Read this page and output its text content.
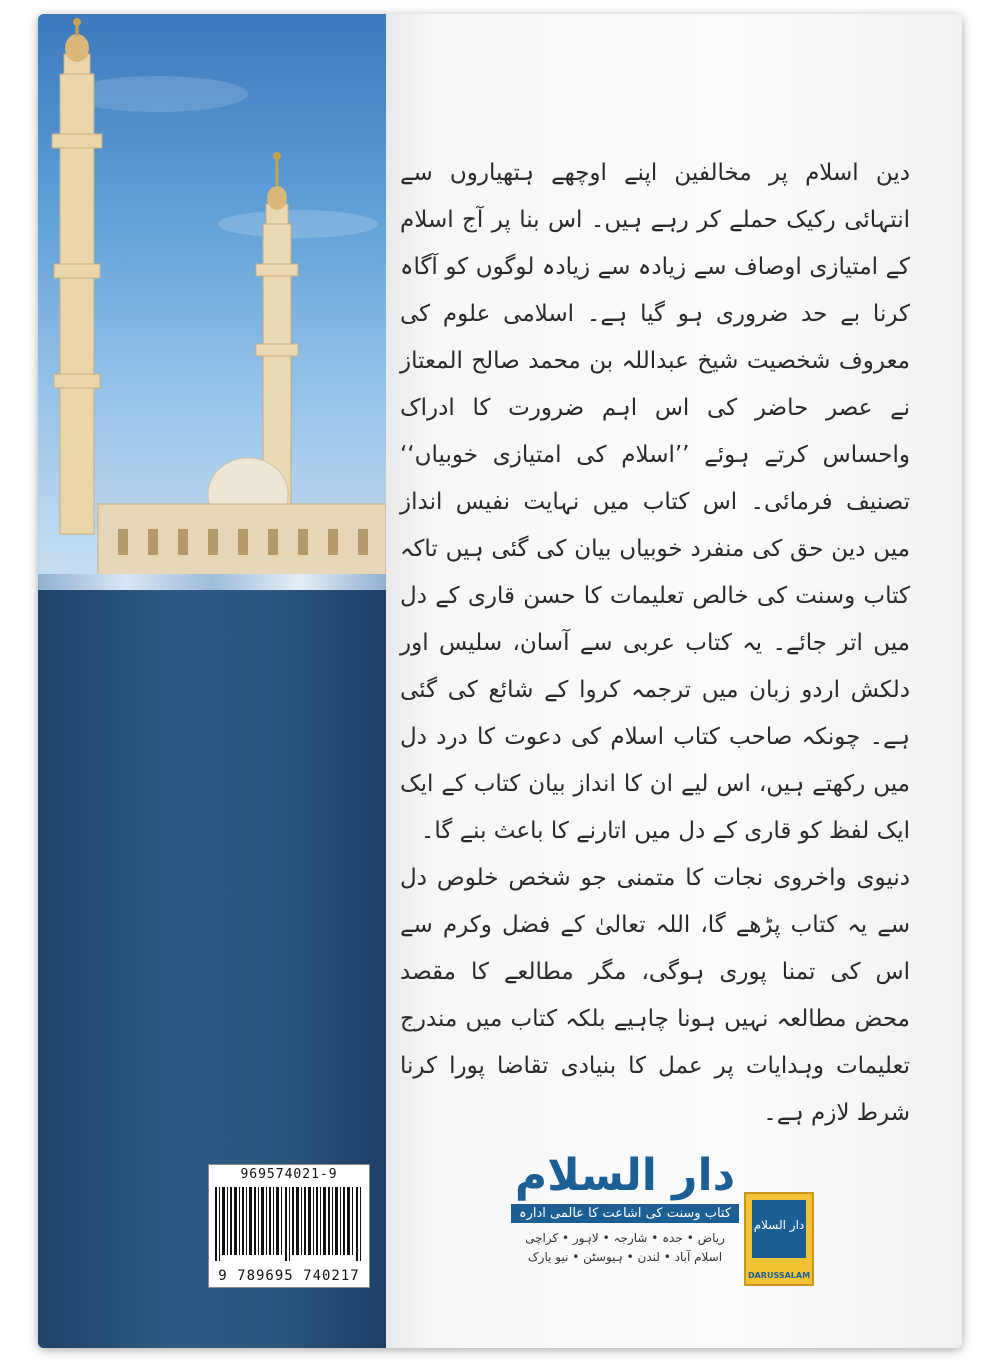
969574021-9
9 789695 740217

دین اسلام پر مخالفین اپنے اوچھے ہتھیاروں سے انتہائی رکیک حملے کر رہے ہیں۔ اس بنا پر آج اسلام کے امتیازی اوصاف سے زیادہ سے زیادہ لوگوں کو آگاہ کرنا بے حد ضروری ہو گیا ہے۔ اسلامی علوم کی معروف شخصیت شیخ عبداللہ بن محمد صالح المعتاز نے عصر حاضر کی اس اہم ضرورت کا ادراک واحساس کرتے ہوئے ’’اسلام کی امتیازی خوبیاں‘‘ تصنیف فرمائی۔ اس کتاب میں نہایت نفیس انداز میں دین حق کی منفرد خوبیاں بیان کی گئی ہیں تاکہ کتاب وسنت کی خالص تعلیمات کا حسن قاری کے دل میں اتر جائے۔ یہ کتاب عربی سے آسان، سلیس اور دلکش اردو زبان میں ترجمہ کروا کے شائع کی گئی ہے۔ چونکہ صاحب کتاب اسلام کی دعوت کا درد دل میں رکھتے ہیں، اس لیے ان کا انداز بیان کتاب کے ایک ایک لفظ کو قاری کے دل میں اتارنے کا باعث بنے گا۔

دنیوی واخروی نجات کا متمنی جو شخص خلوص دل سے یہ کتاب پڑھے گا، اللہ تعالیٰ کے فضل وکرم سے اس کی تمنا پوری ہوگی، مگر مطالعے کا مقصد محض مطالعہ نہیں ہونا چاہیے بلکہ کتاب میں مندرج تعلیمات وہدایات پر عمل کا بنیادی تقاضا پورا کرنا شرط لازم ہے۔

دار السلام
کتاب وسنت کی اشاعت کا عالمی ادارہ
ریاض • جدہ • شارجہ • لاہور • کراچی
اسلام آباد • لندن • ہیوسٹن • نیو یارک
دار السلام
DARUSSALAM
